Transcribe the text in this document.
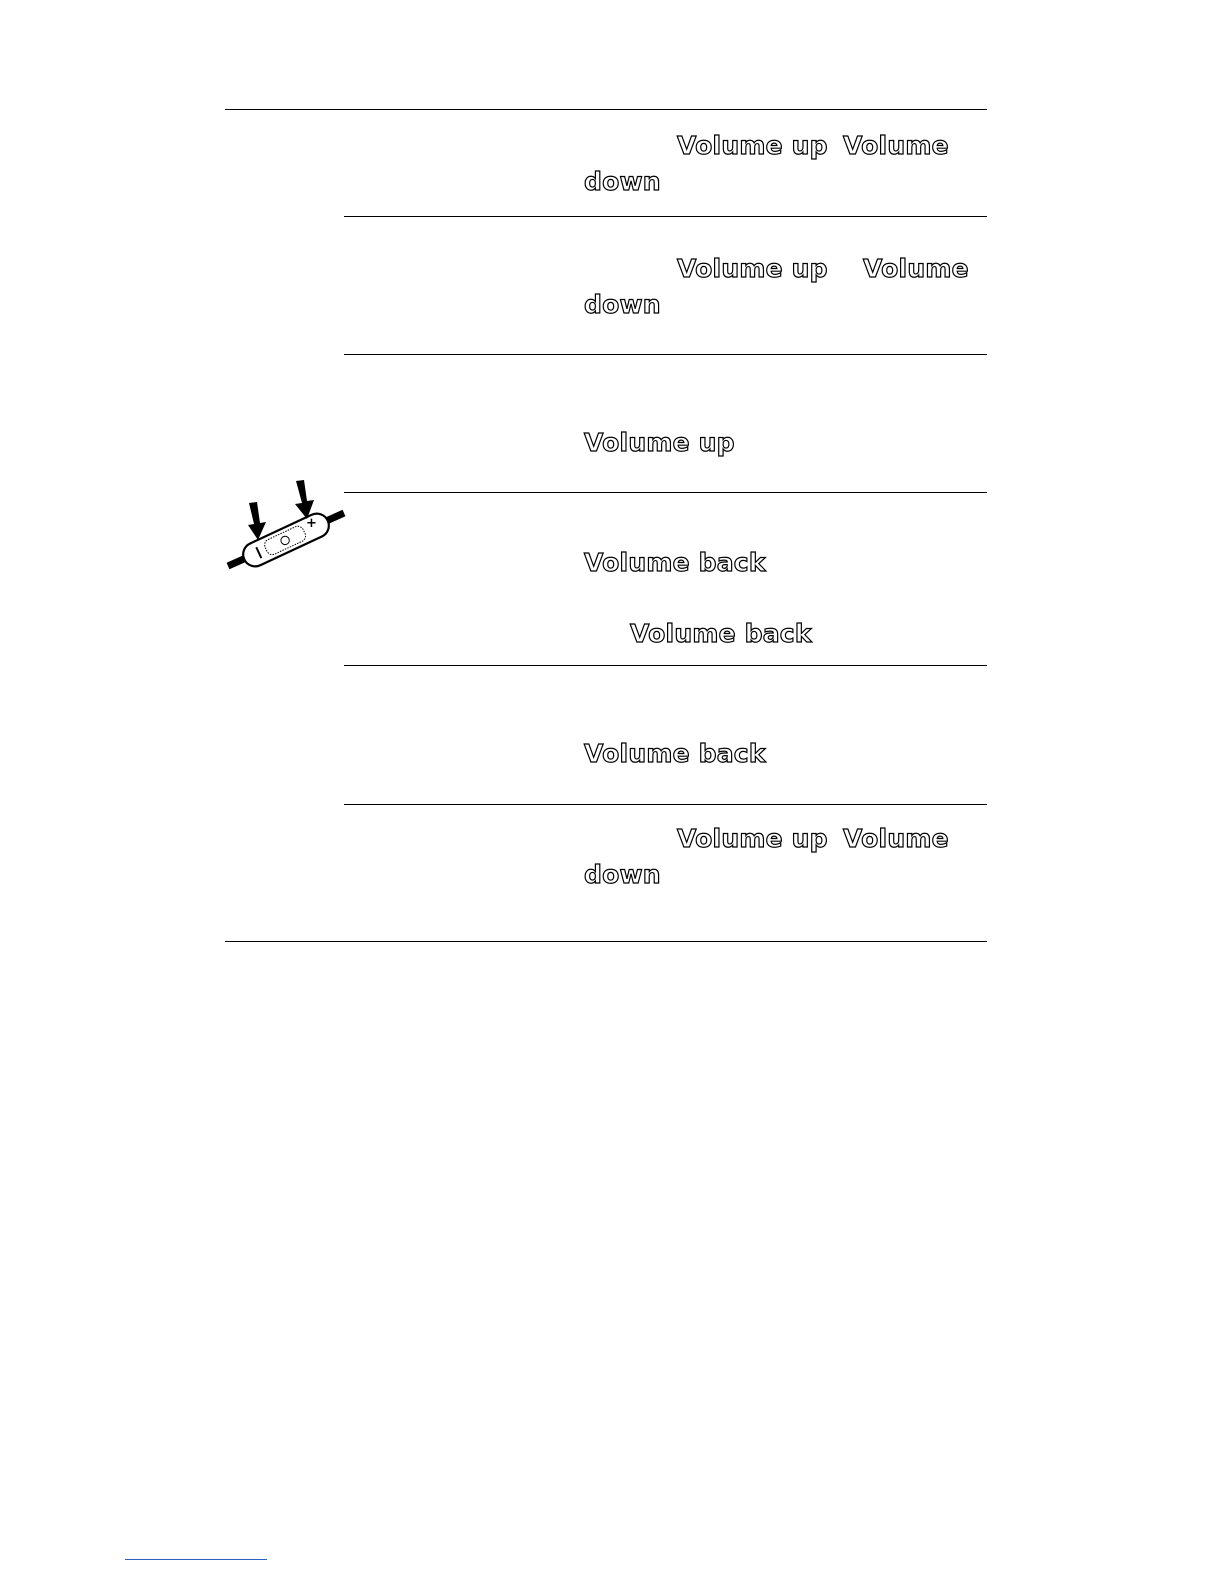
Volume up Volume
down
Volume up Volume
down
Volume up
Volume back
Volume back
Volume back
Volume up Volume
down
+
